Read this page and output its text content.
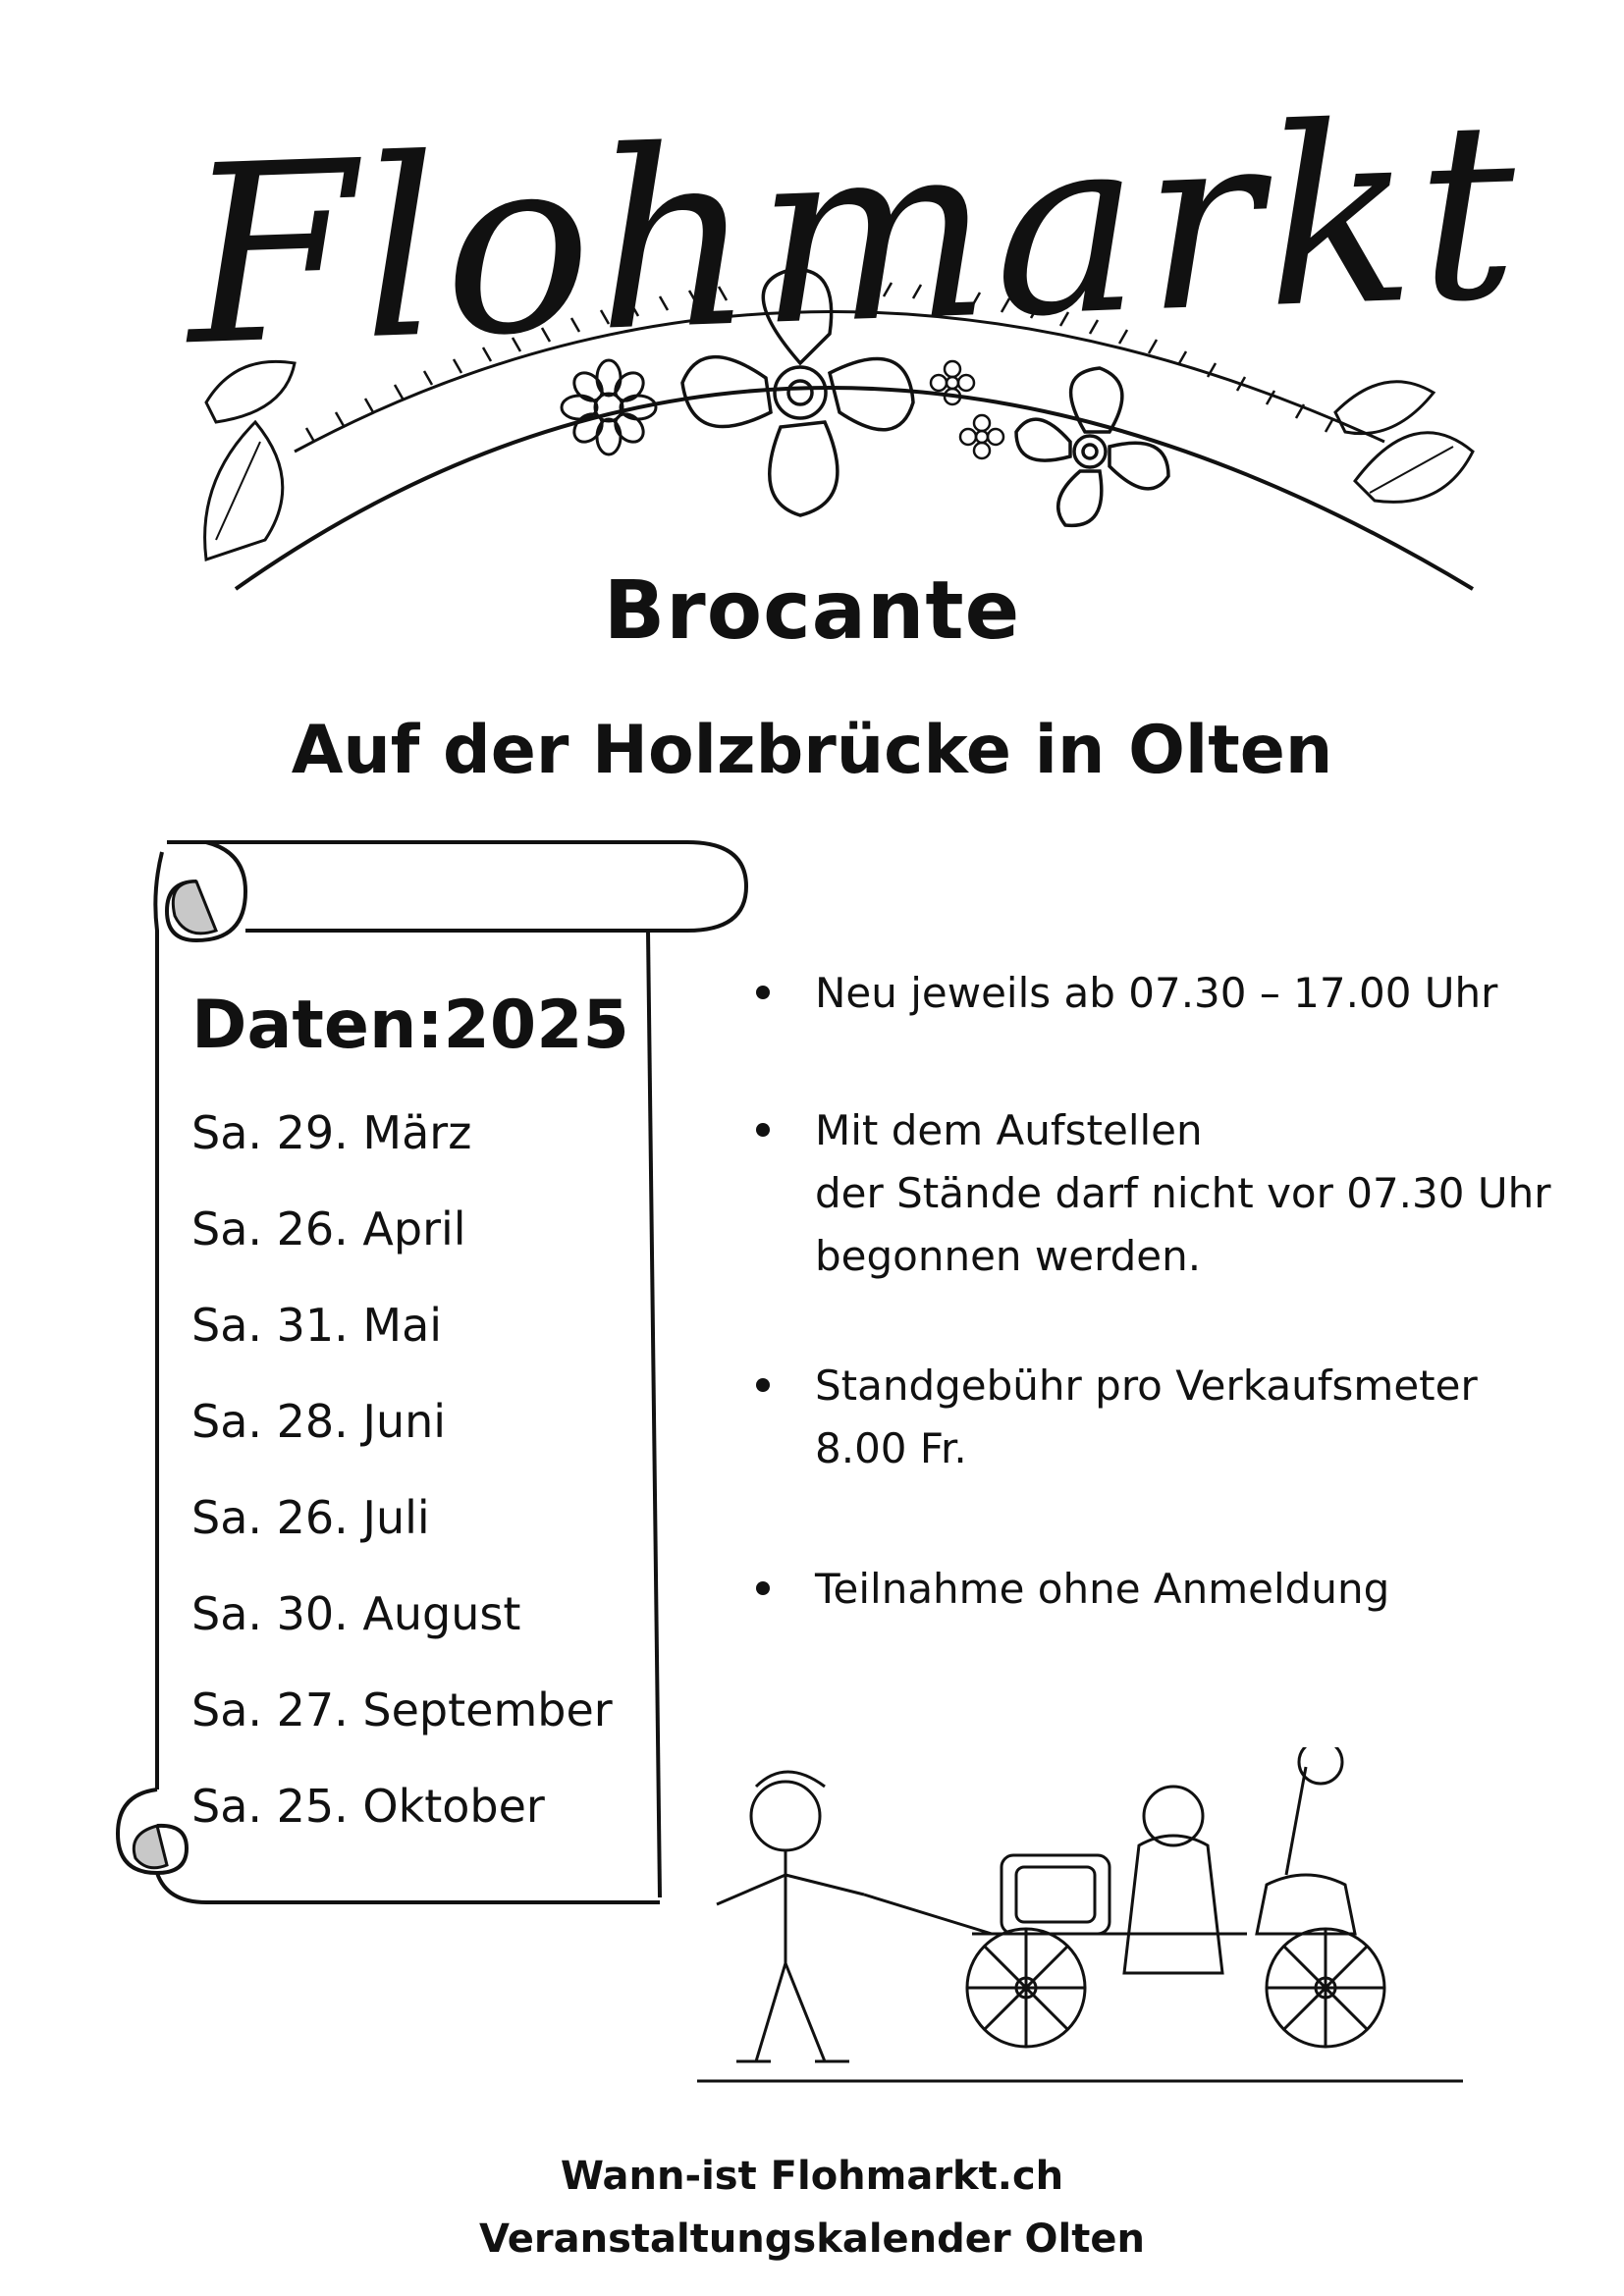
Flohmarkt
Brocante
Auf der Holzbrücke in Olten
Daten:2025
Sa. 29. März
Sa. 26. April
Sa. 31. Mai
Sa. 28. Juni
Sa. 26. Juli
Sa. 30. August
Sa. 27. September
Sa. 25. Oktober
Neu jeweils ab 07.30 – 17.00 Uhr
Mit dem Aufstellen
der Stände darf nicht vor 07.30 Uhr
begonnen werden.
Standgebühr pro Verkaufsmeter
8.00 Fr.
Teilnahme ohne Anmeldung
Wann-ist Flohmarkt.ch
Veranstaltungskalender Olten
